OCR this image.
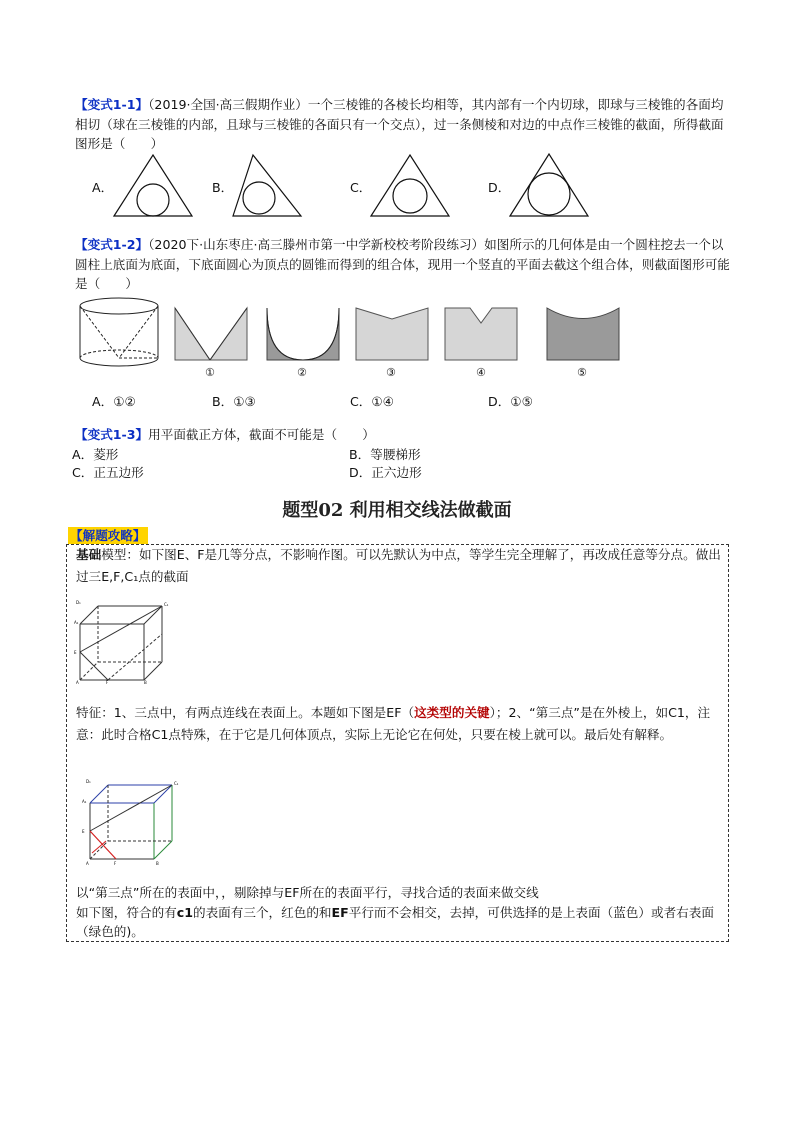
【变式1-1】（2019·全国·高三假期作业）一个三棱锥的各棱长均相等，其内部有一个内切球，即球与三棱锥的各面均相切（球在三棱锥的内部，且球与三棱锥的各面只有一个交点），过一条侧棱和对边的中点作三棱锥的截面，所得截面图形是（　　）
A．	B．	C．	D．
【变式1-2】（2020下·山东枣庄·高三滕州市第一中学新校校考阶段练习）如图所示的几何体是由一个圆柱挖去一个以圆柱上底面为底面，下底面圆心为顶点的圆锥而得到的组合体，现用一个竖直的平面去截这个组合体，则截面图形可能是（　　）
①	②	③	④	⑤
A．①②	B．①③	C．①④	D．①⑤
【变式1-3】用平面截正方体，截面不可能是（　　）
A．菱形	B．等腰梯形
C．正五边形	D．正六边形
题型02 利用相交线法做截面
【解题攻略】
基础模型：如下图E、F是几等分点，不影响作图。可以先默认为中点，等学生完全理解了，再改成任意等分点。做出过三E,F,C₁点的截面
D₁	C₁
A₁
E
A	F	B
特征：1、三点中，有两点连线在表面上。本题如下图是EF（这类型的关键）；2、“第三点”是在外棱上，如C1，注意：此时合格C1点特殊，在于它是几何体顶点，实际上无论它在何处，只要在棱上就可以。最后处有解释。
D₁	C₁
A₁
E
A	F	B
以“第三点”所在的表面中，，剔除掉与EF所在的表面平行，寻找合适的表面来做交线
如下图，符合的有c1的表面有三个，红色的和EF平行而不会相交，去掉，可供选择的是上表面（蓝色）或者右表面（绿色的)。
